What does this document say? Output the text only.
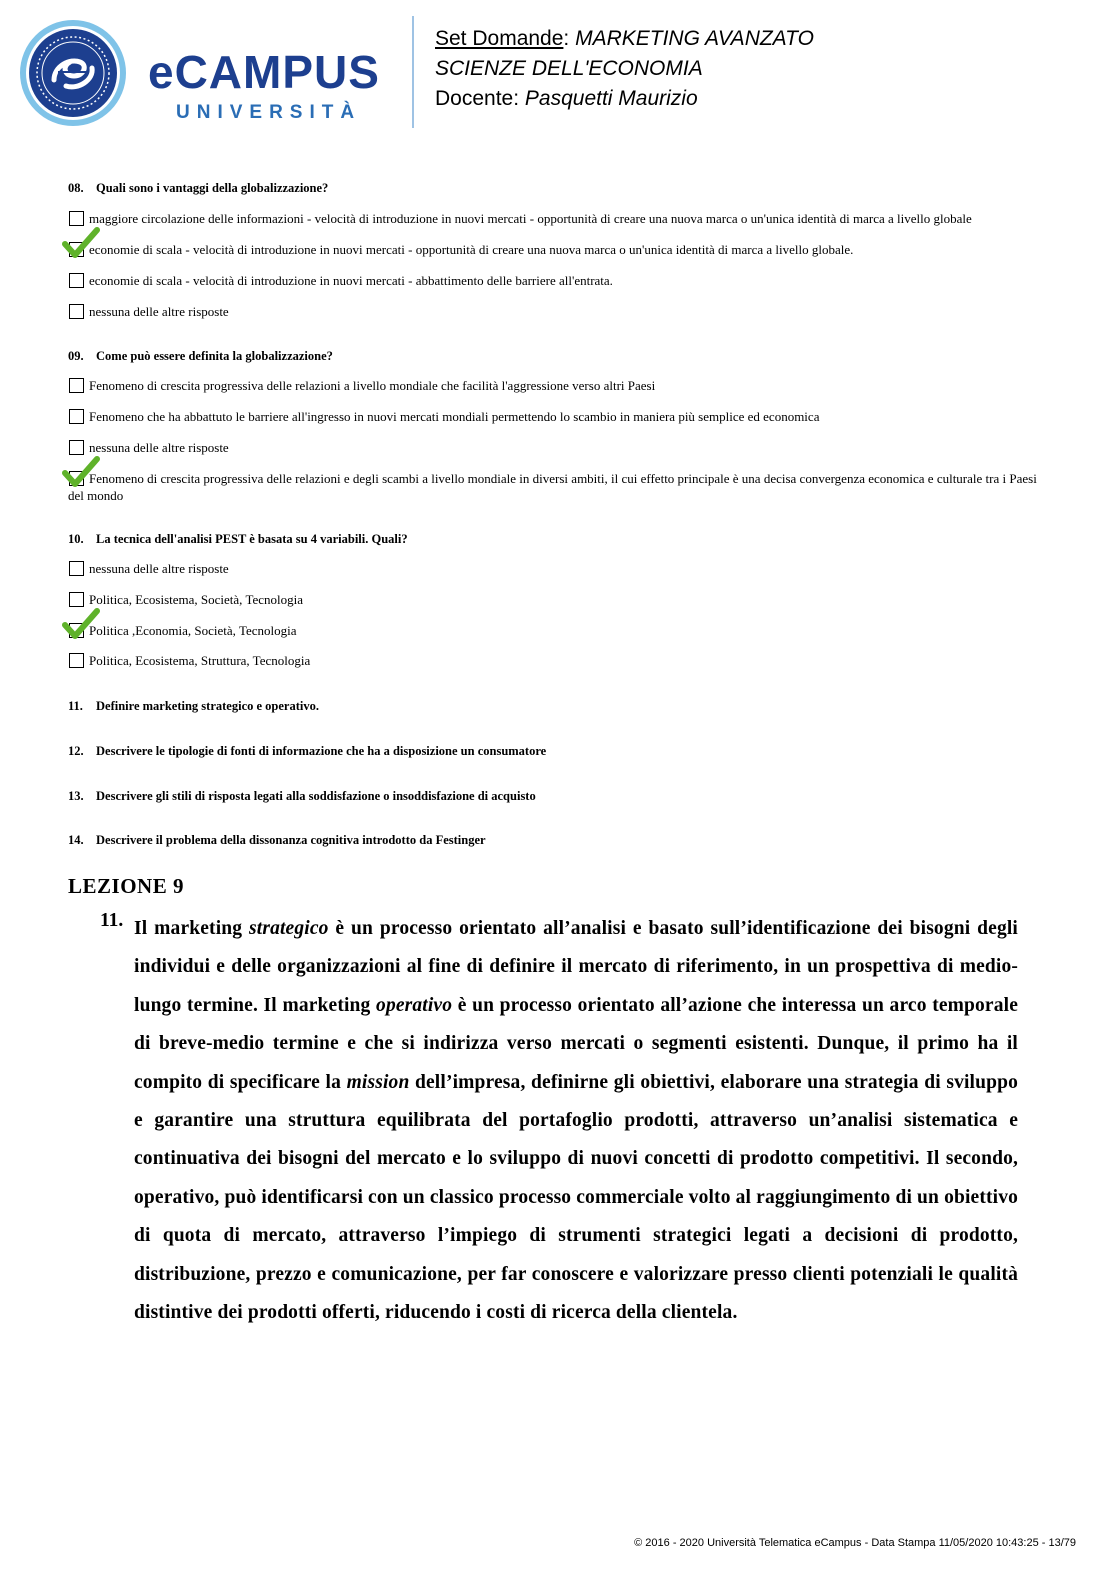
eCAMPUS
UNIVERSITÀ
Set Domande: MARKETING AVANZATO
SCIENZE DELL'ECONOMIA
Docente: Pasquetti Maurizio
08. Quali sono i vantaggi della globalizzazione?
maggiore circolazione delle informazioni - velocità di introduzione in nuovi mercati - opportunità di creare una nuova marca o un'unica identità di marca a livello globale
economie di scala - velocità di introduzione in nuovi mercati - opportunità di creare una nuova marca o un'unica identità di marca a livello globale.
economie di scala - velocità di introduzione in nuovi mercati - abbattimento delle barriere all'entrata.
nessuna delle altre risposte
09. Come può essere definita la globalizzazione?
Fenomeno di crescita progressiva delle relazioni a livello mondiale che facilità l'aggressione verso altri Paesi
Fenomeno che ha abbattuto le barriere all'ingresso in nuovi mercati mondiali permettendo lo scambio in maniera più semplice ed economica
nessuna delle altre risposte
Fenomeno di crescita progressiva delle relazioni e degli scambi a livello mondiale in diversi ambiti, il cui effetto principale è una decisa convergenza economica e culturale tra i Paesi del mondo
10. La tecnica dell'analisi PEST è basata su 4 variabili. Quali?
nessuna delle altre risposte
Politica, Ecosistema, Società, Tecnologia
Politica ,Economia, Società, Tecnologia
Politica, Ecosistema, Struttura, Tecnologia
11. Definire marketing strategico e operativo.
12. Descrivere le tipologie di fonti di informazione che ha a disposizione un consumatore
13. Descrivere gli stili di risposta legati alla soddisfazione o insoddisfazione di acquisto
14. Descrivere il problema della dissonanza cognitiva introdotto da Festinger
LEZIONE 9
11. Il marketing strategico è un processo orientato all’analisi e basato sull’identificazione dei bisogni degli individui e delle organizzazioni al fine di definire il mercato di riferimento, in un prospettiva di medio-lungo termine. Il marketing operativo è un processo orientato all’azione che interessa un arco temporale di breve-medio termine e che si indirizza verso mercati o segmenti esistenti. Dunque, il primo ha il compito di specificare la mission dell’impresa, definirne gli obiettivi, elaborare una strategia di sviluppo e garantire una struttura equilibrata del portafoglio prodotti, attraverso un’analisi sistematica e continuativa dei bisogni del mercato e lo sviluppo di nuovi concetti di prodotto competitivi. Il secondo, operativo, può identificarsi con un classico processo commerciale volto al raggiungimento di un obiettivo di quota di mercato, attraverso l’impiego di strumenti strategici legati a decisioni di prodotto, distribuzione, prezzo e comunicazione, per far conoscere e valorizzare presso clienti potenziali le qualità distintive dei prodotti offerti, riducendo i costi di ricerca della clientela.

© 2016 - 2020 Università Telematica eCampus - Data Stampa 11/05/2020 10:43:25 - 13/79
